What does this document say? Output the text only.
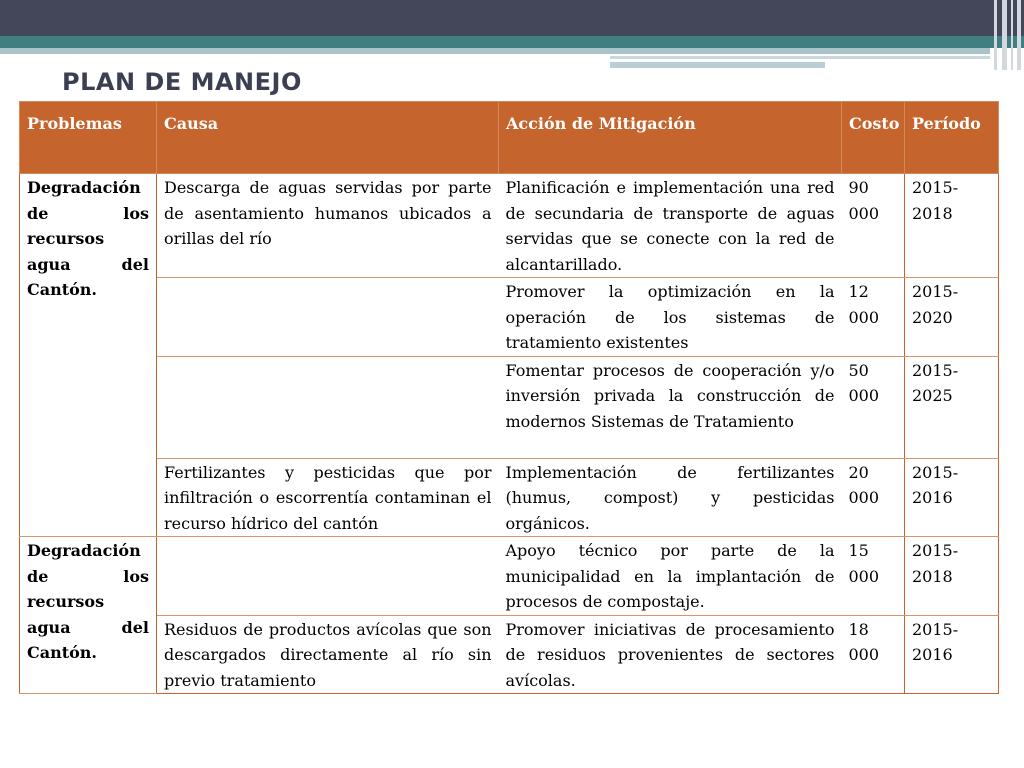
PLAN DE MANEJO
Problemas	Causa	Acción de Mitigación	Costo	Período
Degradación de los recursos agua del Cantón.	Descarga de aguas servidas por parte de asentamiento humanos ubicados a orillas del río	Planificación e implementación una red de secundaria de transporte de aguas servidas que se conecte con la red de alcantarillado.	90 000	2015-2018
		Promover la optimización en la operación de los sistemas de tratamiento existentes	12 000	2015-2020
		Fomentar procesos de cooperación y/o inversión privada la construcción de modernos Sistemas de Tratamiento	50 000	2015-2025
	Fertilizantes y pesticidas que por infiltración o escorrentía contaminan el recurso hídrico del cantón	Implementación de fertilizantes (humus, compost) y pesticidas orgánicos.	20 000	2015-2016
Degradación de los recursos agua del Cantón.		Apoyo técnico por parte de la municipalidad en la implantación de procesos de compostaje.	15 000	2015-2018
	Residuos de productos avícolas que son descargados directamente al río sin previo tratamiento	Promover iniciativas de procesamiento de residuos provenientes de sectores avícolas.	18 000	2015-2016
